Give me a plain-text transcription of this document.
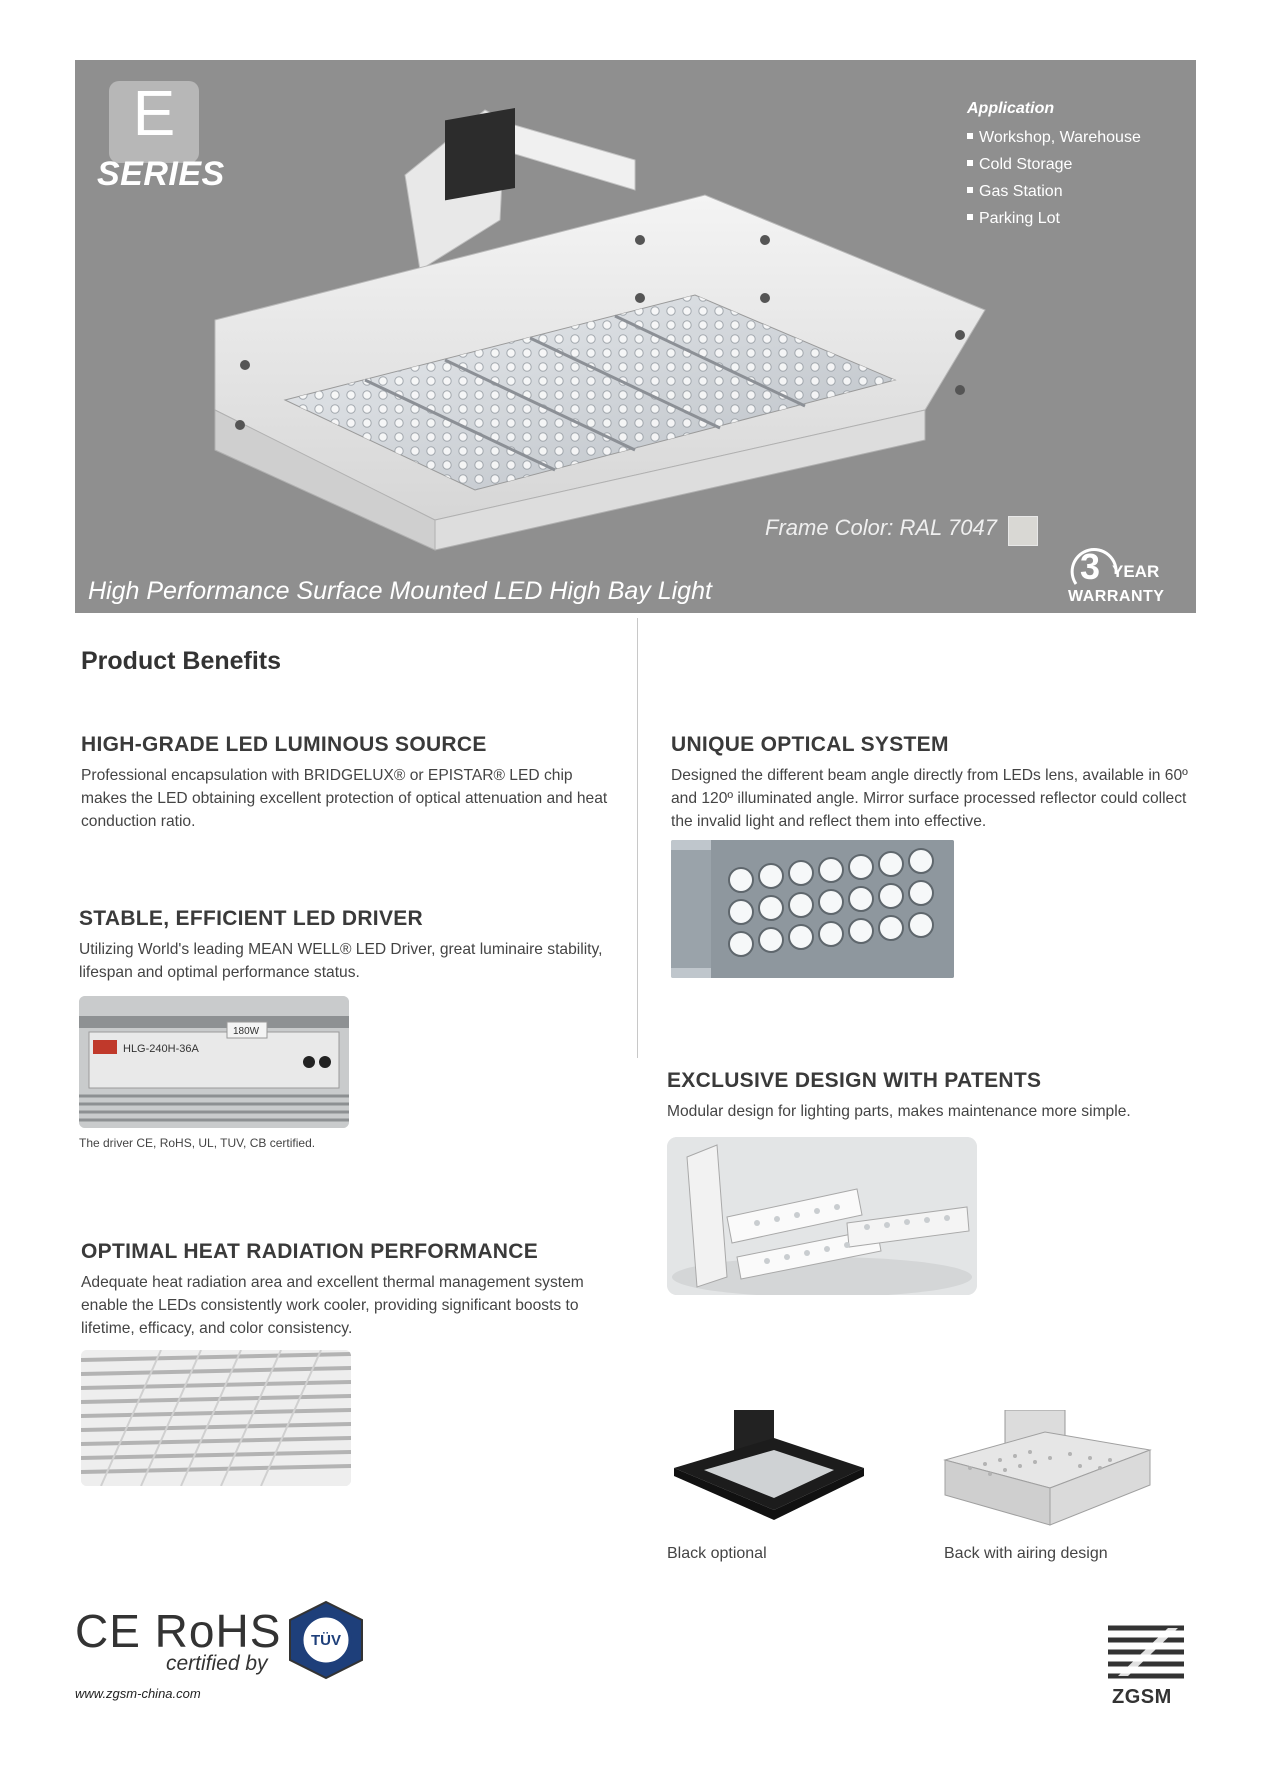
E
SERIES
Application
Workshop, Warehouse
Cold Storage
Gas Station
Parking Lot
Frame Color: RAL 7047
3 YEAR
WARRANTY
High Performance Surface Mounted LED High Bay Light
Product Benefits
HIGH-GRADE LED LUMINOUS SOURCE

Professional encapsulation with BRIDGELUX® or EPISTAR® LED chip makes the LED obtaining excellent protection of optical attenuation and heat conduction ratio.

STABLE, EFFICIENT LED DRIVER

Utilizing World's leading MEAN WELL® LED Driver, great luminaire stability, lifespan and optimal performance status.

HLG-240H-36A
180W
The driver CE, RoHS, UL, TUV, CB certified.
OPTIMAL HEAT RADIATION PERFORMANCE

Adequate heat radiation area and excellent thermal management system enable the LEDs consistently work cooler, providing significant boosts to lifetime, efficacy, and color consistency.

UNIQUE OPTICAL SYSTEM

Designed the different beam angle directly from LEDs lens, available in 60º and 120º illuminated angle. Mirror surface processed reflector could collect the invalid light and reflect them into effective.

EXCLUSIVE DESIGN WITH PATENTS

Modular design for lighting parts, makes maintenance more simple.

Black optional	Back with airing design
CE RoHS
certified by
TÜV
www.zgsm-china.com	ZGSM
